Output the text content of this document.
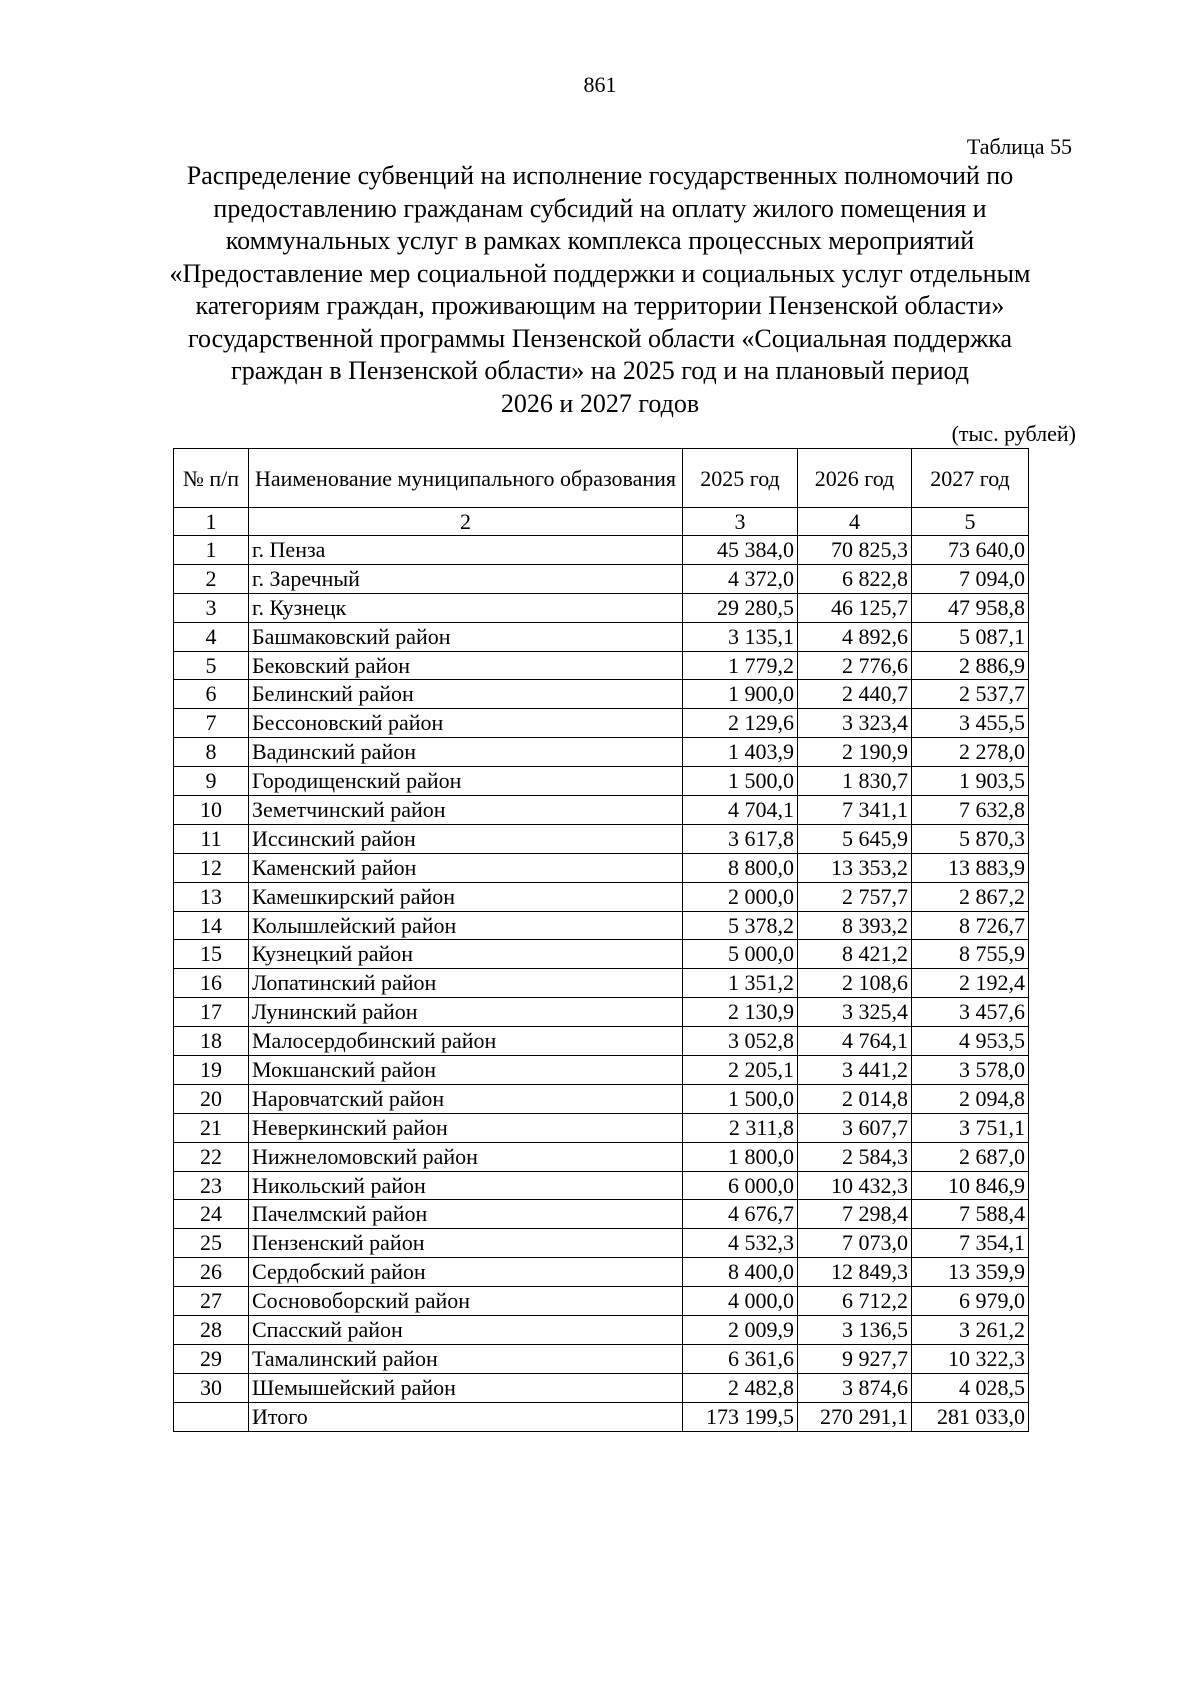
861
Таблица 55
Распределение субвенций на исполнение государственных полномочий по
предоставлению гражданам субсидий на оплату жилого помещения и
коммунальных услуг в рамках комплекса процессных мероприятий
«Предоставление мер социальной поддержки и социальных услуг отдельным
категориям граждан, проживающим на территории Пензенской области»
государственной программы Пензенской области «Социальная поддержка
граждан в Пензенской области» на 2025 год и на плановый период
2026 и 2027 годов
(тыс. рублей)
№ п/п	Наименование муниципального образования	2025 год	2026 год	2027 год
1	2	3	4	5
1	г. Пенза	45 384,0	70 825,3	73 640,0
2	г. Заречный	4 372,0	6 822,8	7 094,0
3	г. Кузнецк	29 280,5	46 125,7	47 958,8
4	Башмаковский район	3 135,1	4 892,6	5 087,1
5	Бековский район	1 779,2	2 776,6	2 886,9
6	Белинский район	1 900,0	2 440,7	2 537,7
7	Бессоновский район	2 129,6	3 323,4	3 455,5
8	Вадинский район	1 403,9	2 190,9	2 278,0
9	Городищенский район	1 500,0	1 830,7	1 903,5
10	Земетчинский район	4 704,1	7 341,1	7 632,8
11	Иссинский район	3 617,8	5 645,9	5 870,3
12	Каменский район	8 800,0	13 353,2	13 883,9
13	Камешкирский район	2 000,0	2 757,7	2 867,2
14	Колышлейский район	5 378,2	8 393,2	8 726,7
15	Кузнецкий район	5 000,0	8 421,2	8 755,9
16	Лопатинский район	1 351,2	2 108,6	2 192,4
17	Лунинский район	2 130,9	3 325,4	3 457,6
18	Малосердобинский район	3 052,8	4 764,1	4 953,5
19	Мокшанский район	2 205,1	3 441,2	3 578,0
20	Наровчатский район	1 500,0	2 014,8	2 094,8
21	Неверкинский район	2 311,8	3 607,7	3 751,1
22	Нижнеломовский район	1 800,0	2 584,3	2 687,0
23	Никольский район	6 000,0	10 432,3	10 846,9
24	Пачелмский район	4 676,7	7 298,4	7 588,4
25	Пензенский район	4 532,3	7 073,0	7 354,1
26	Сердобский район	8 400,0	12 849,3	13 359,9
27	Сосновоборский район	4 000,0	6 712,2	6 979,0
28	Спасский район	2 009,9	3 136,5	3 261,2
29	Тамалинский район	6 361,6	9 927,7	10 322,3
30	Шемышейский район	2 482,8	3 874,6	4 028,5
	Итого	173 199,5	270 291,1	281 033,0
